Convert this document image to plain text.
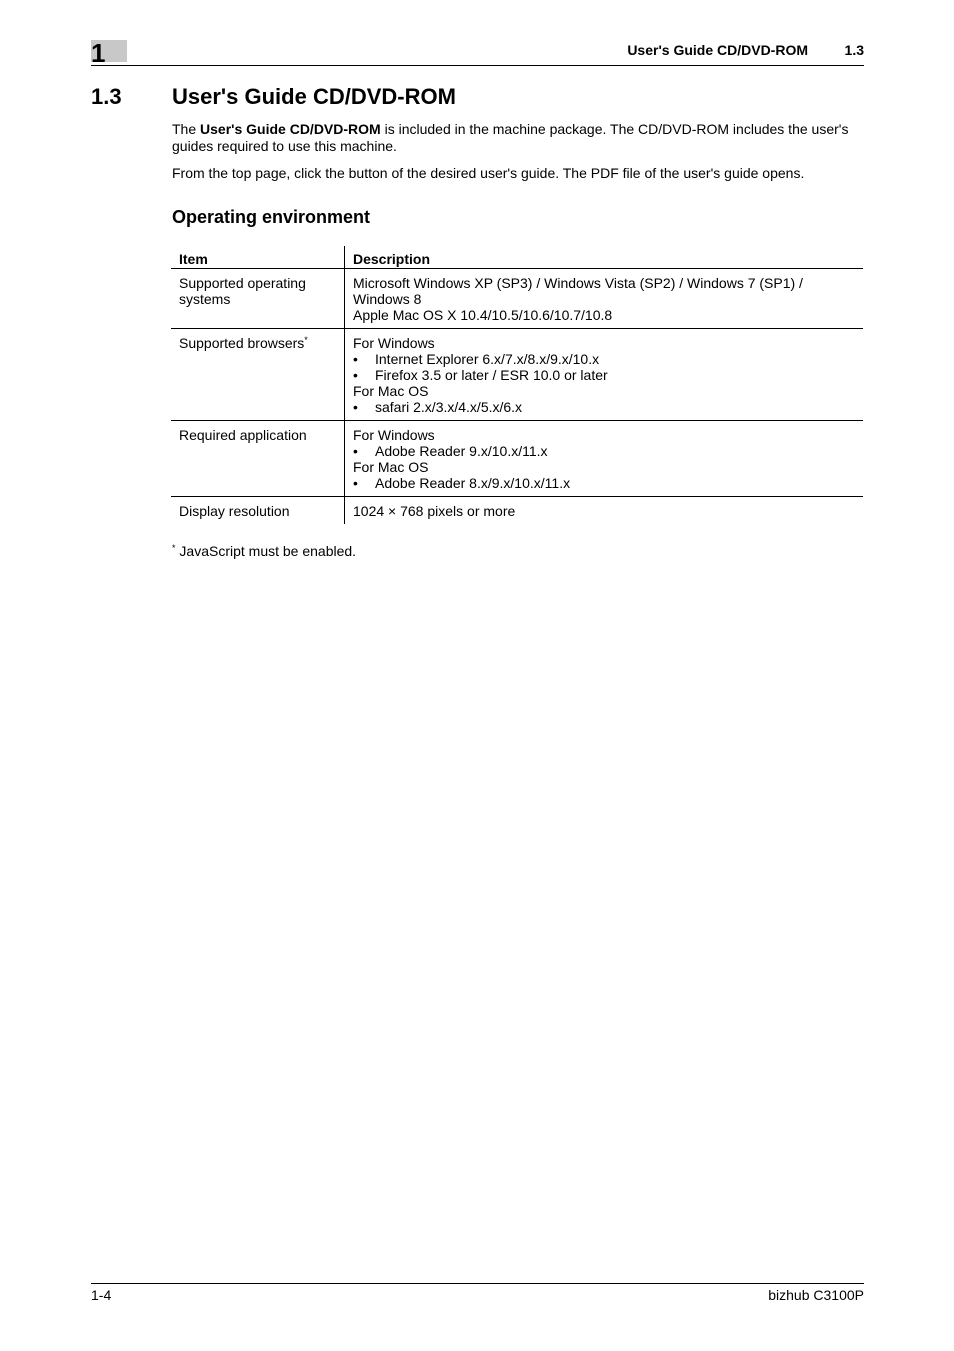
1	User's Guide CD/DVD-ROM	1.3
1.3 User's Guide CD/DVD-ROM
The User's Guide CD/DVD-ROM is included in the machine package. The CD/DVD-ROM includes the user's guides required to use this machine.
From the top page, click the button of the desired user's guide. The PDF file of the user's guide opens.
Operating environment
Item	Description
Supported operating systems	Microsoft Windows XP (SP3) / Windows Vista (SP2) / Windows 7 (SP1) / Windows 8
Apple Mac OS X 10.4/10.5/10.6/10.7/10.8

Supported browsers*	For Windows
• Internet Explorer 6.x/7.x/8.x/9.x/10.x
• Firefox 3.5 or later / ESR 10.0 or later
For Mac OS
• safari 2.x/3.x/4.x/5.x/6.x

Required application	For Windows
• Adobe Reader 9.x/10.x/11.x
For Mac OS
• Adobe Reader 8.x/9.x/10.x/11.x

Display resolution	1024 × 768 pixels or more
* JavaScript must be enabled.
1-4	bizhub C3100P
